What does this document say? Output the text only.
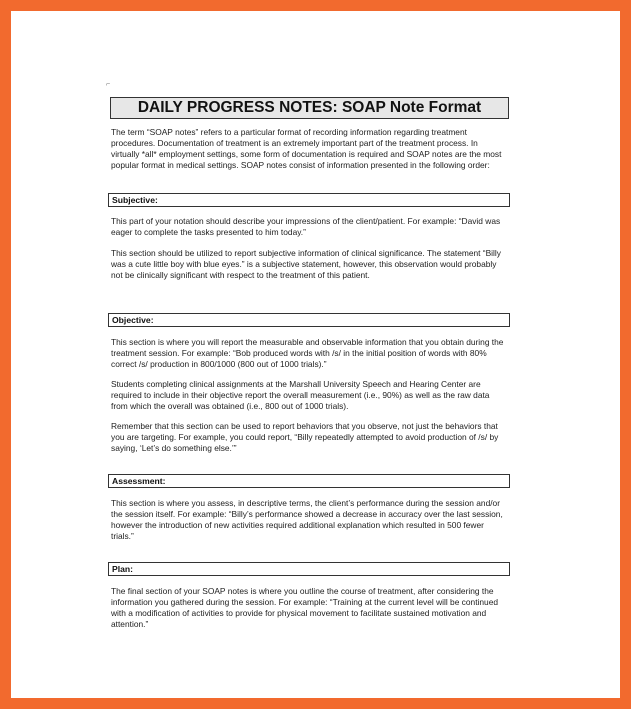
⌐
DAILY PROGRESS NOTES: SOAP Note Format

The term “SOAP notes” refers to a particular format of recording information regarding treatment procedures. Documentation of treatment is an extremely important part of the treatment process. In virtually *all* employment settings, some form of documentation is required and SOAP notes are the most popular format in medical settings. SOAP notes consist of information presented in the following order:

Subjective:

This part of your notation should describe your impressions of the client/patient. For example: “David was eager to complete the tasks presented to him today.”

This section should be utilized to report subjective information of clinical significance. The statement “Billy was a cute little boy with blue eyes.” is a subjective statement, however, this observation would probably not be clinically significant with respect to the treatment of this patient.

Objective:

This section is where you will report the measurable and observable information that you obtain during the treatment session. For example: “Bob produced words with /s/ in the initial position of words with 80% correct /s/ production in 800/1000 (800 out of 1000 trials).”

Students completing clinical assignments at the Marshall University Speech and Hearing Center are required to include in their objective report the overall measurement (i.e., 90%) as well as the raw data from which the overall was obtained (i.e., 800 out of 1000 trials).

Remember that this section can be used to report behaviors that you observe, not just the behaviors that you are targeting. For example, you could report, “Billy repeatedly attempted to avoid production of /s/ by saying, ‘Let’s do something else.’”

Assessment:

This section is where you assess, in descriptive terms, the client’s performance during the session and/or the session itself. For example: “Billy’s performance showed a decrease in accuracy over the last session, however the introduction of new activities required additional explanation which resulted in 500 fewer trials.”

Plan:

The final section of your SOAP notes is where you outline the course of treatment, after considering the information you gathered during the session. For example: “Training at the current level will be continued with a modification of activities to provide for physical movement to facilitate sustained motivation and attention.”
